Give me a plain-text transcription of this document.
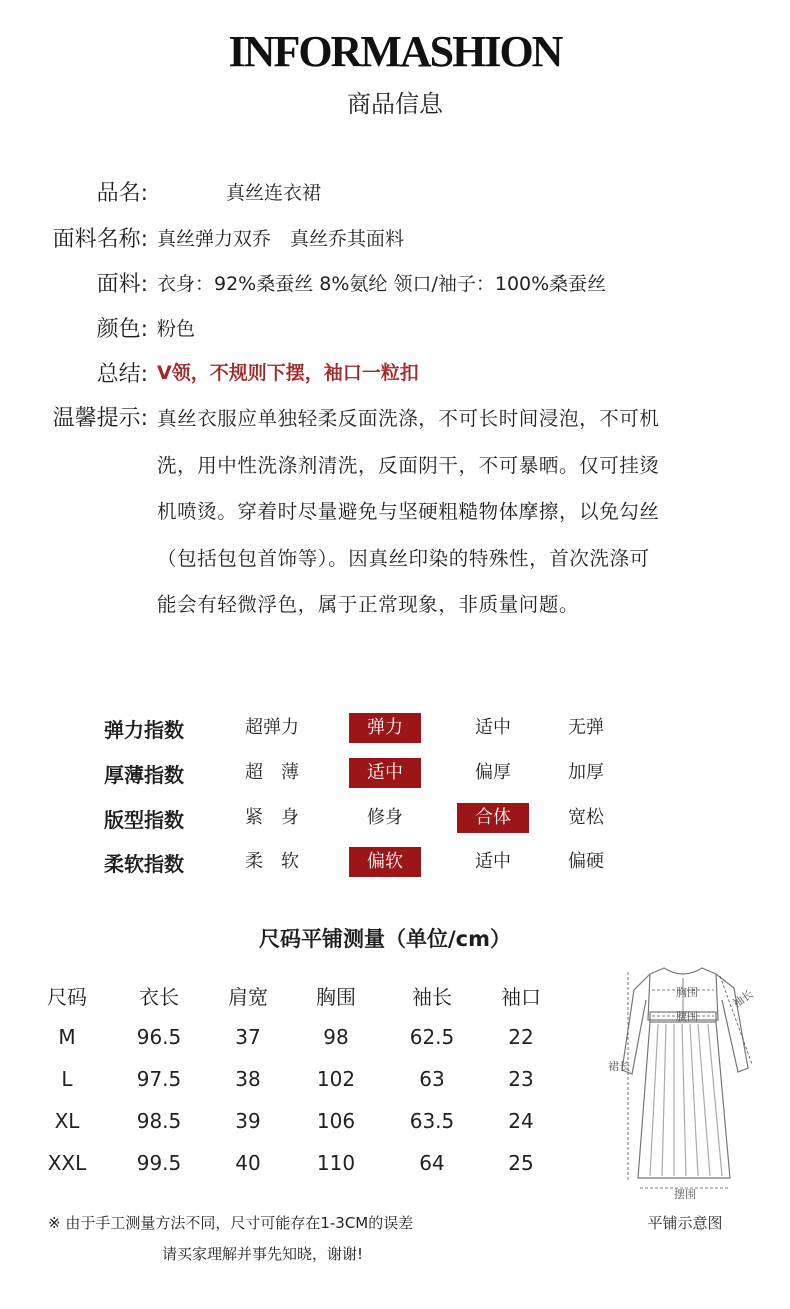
INFORMASHION
商品信息
品名:	真丝连衣裙
面料名称: 真丝弹力双乔　真丝乔其面料
面料: 衣身：92%桑蚕丝 8%氨纶 领口/袖子：100%桑蚕丝
颜色: 粉色
总结: V领，不规则下摆，袖口一粒扣
温馨提示: 真丝衣服应单独轻柔反面洗涤，不可长时间浸泡，不可机
洗，用中性洗涤剂清洗，反面阴干，不可暴晒。仅可挂烫
机喷烫。穿着时尽量避免与坚硬粗糙物体摩擦，以免勾丝
（包括包包首饰等）。因真丝印染的特殊性，首次洗涤可
能会有轻微浮色，属于正常现象，非质量问题。
弹力指数	超弹力	弹力	适中	无弹
厚薄指数	超　薄	适中	偏厚	加厚
版型指数	紧　身	修身	合体	宽松
柔软指数	柔　软	偏软	适中	偏硬
尺码平铺测量（单位/cm）
尺码	衣长	肩宽	胸围	袖长	袖口
M	96.5	37	98	62.5	22
L	97.5	38	102	63	23
XL	98.5	39	106	63.5	24
XXL	99.5	40	110	64	25
胸围
腰围
袖长
裙长
摆围
平铺示意图
※ 由于手工测量方法不同，尺寸可能存在1-3CM的误差
请买家理解并事先知晓，谢谢!
